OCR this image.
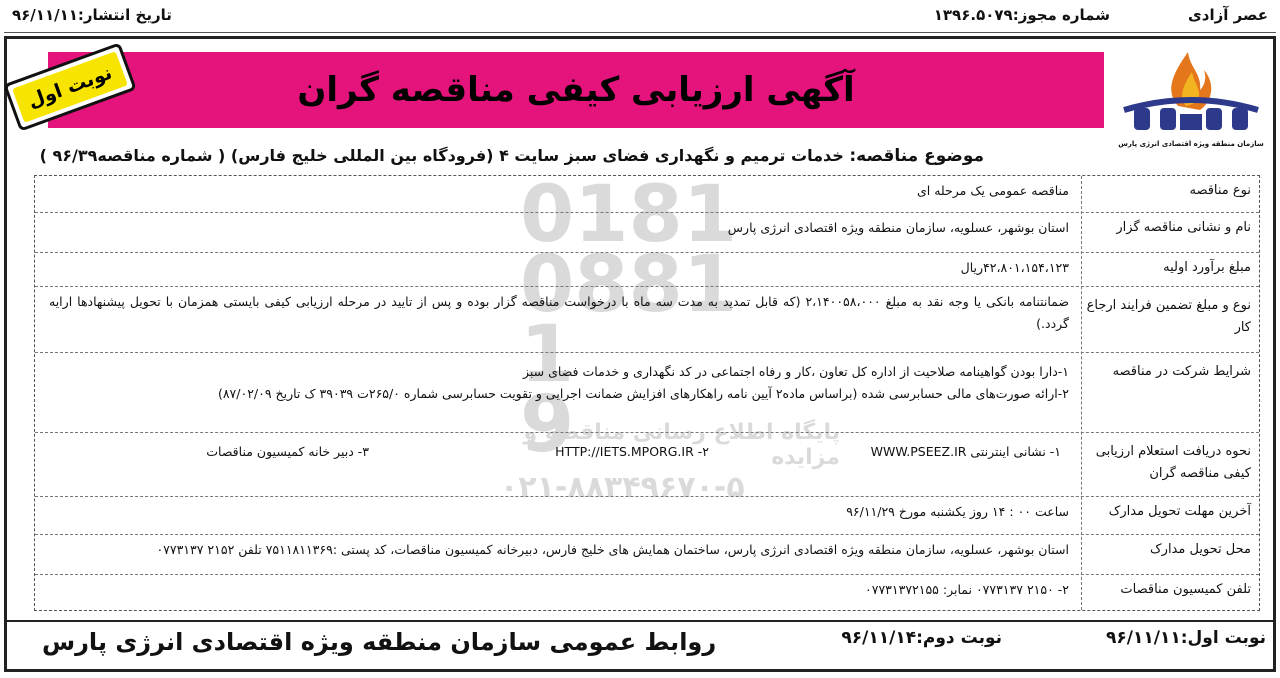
عصر آزادی
شماره مجوز:۱۳۹۶.۵۰۷۹
تاریخ انتشار:۹۶/۱۱/۱۱
سازمان منطقه ویژه اقتصادی انرژی پارس
آگهی ارزیابی کیفی مناقصه گران
نوبت اول
موضوع مناقصه: خدمات ترمیم و نگهداری فضای سبز سایت ۴ (فرودگاه بین المللی خلیج فارس) ( شماره مناقصه۹۶/۳۹ )
0181
0881
1
9
پایگاه اطلاع رسانی مناقصه و مزایده
۰۲۱-۸۸۳۴۹۶۷۰-۵
نوع مناقصه
مناقصه عمومی یک مرحله ای
نام و نشانی مناقصه گزار
استان بوشهر، عسلویه، سازمان منطقه ویژه اقتصادی انرژی پارس
مبلغ برآورد اولیه
۴۲،۸۰۱،۱۵۴،۱۲۳ریال
نوع و مبلغ تضمین فرایند ارجاع کار
ضمانتنامه بانکی یا وجه نقد به مبلغ ۲،۱۴۰۰۵۸،۰۰۰ (که قابل تمدید به مدت سه ماه با درخواست مناقصه گزار بوده و پس از تایید در مرحله ارزیابی کیفی بایستی همزمان با تحویل پیشنهادها ارایه گردد.)
شرایط شرکت در مناقصه
۱-دارا بودن گواهینامه صلاحیت از اداره کل تعاون ،کار و رفاه اجتماعی در کد نگهداری و خدمات فضای سبز
۲-ارائه صورت‌های مالی حسابرسی شده (براساس ماده۲ آیین نامه راهکارهای افزایش ضمانت اجرایی و تقویت حسابرسی شماره ۲۶۵/۰ت ۳۹۰۳۹ ک تاریخ ۸۷/۰۲/۰۹)
نحوه دریافت استعلام ارزیابی کیفی مناقصه گران
۱- نشانی اینترنتی WWW.PSEEZ.IR
۲- HTTP://IETS.MPORG.IR
۳- دبیر خانه کمیسیون مناقصات
آخرین مهلت تحویل مدارک
ساعت ۰۰ : ۱۴ روز یکشنبه مورخ ۹۶/۱۱/۲۹
محل تحویل مدارک
استان بوشهر، عسلویه، سازمان منطقه ویژه اقتصادی انرژی پارس، ساختمان همایش های خلیج فارس، دبیرخانه کمیسیون مناقصات، کد پستی :۷۵۱۱۸۱۱۳۶۹ تلفن ۲۱۵۲ ۰۷۷۳۱۳۷
تلفن کمیسیون مناقصات
۲- ۲۱۵۰ ۰۷۷۳۱۳۷ نمابر: ۰۷۷۳۱۳۷۲۱۵۵
نوبت اول:۹۶/۱۱/۱۱
نوبت دوم:۹۶/۱۱/۱۴
روابط عمومی سازمان منطقه ویژه اقتصادی انرژی پارس
